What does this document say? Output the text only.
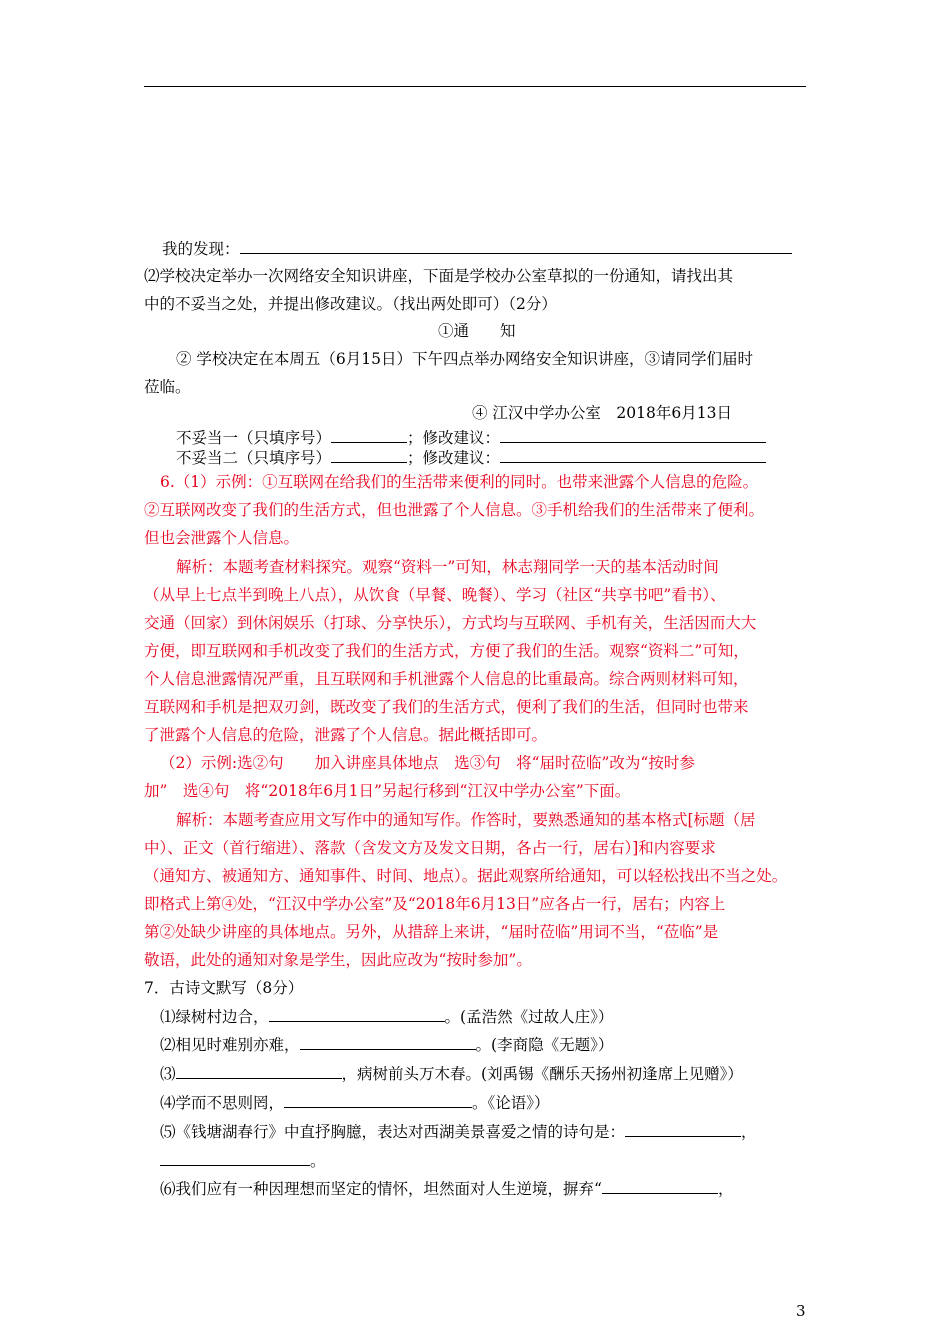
我的发现：
⑵学校决定举办一次网络安全知识讲座，下面是学校办公室草拟的一份通知，请找出其
中的不妥当之处，并提出修改建议。（找出两处即可）（2分）
①通　　知
② 学校决定在本周五（6月15日）下午四点举办网络安全知识讲座，③请同学们届时
莅临。
④ 江汉中学办公室　2018年6月13日
不妥当一（只填序号）	；修改建议：
不妥当二（只填序号）	；修改建议：
6.（1）示例：①互联网在给我们的生活带来便利的同时。也带来泄露个人信息的危险。
②互联网改变了我们的生活方式，但也泄露了个人信息。③手机给我们的生活带来了便利。
但也会泄露个人信息。
解析：本题考查材料探究。观察“资料一”可知，林志翔同学一天的基本活动时间
（从早上七点半到晚上八点），从饮食（早餐、晚餐）、学习（社区“共享书吧”看书）、
交通（回家）到休闲娱乐（打球、分享快乐），方式均与互联网、手机有关，生活因而大大
方便，即互联网和手机改变了我们的生活方式，方便了我们的生活。观察“资料二”可知，
个人信息泄露情况严重，且互联网和手机泄露个人信息的比重最高。综合两则材料可知，
互联网和手机是把双刃剑，既改变了我们的生活方式，便利了我们的生活，但同时也带来
了泄露个人信息的危险，泄露了个人信息。据此概括即可。
（2）示例:选②句　　加入讲座具体地点　选③句　将“届时莅临”改为“按时参
加”　选④句　将“2018年6月1日”另起行移到“江汉中学办公室”下面。
解析：本题考查应用文写作中的通知写作。作答时，要熟悉通知的基本格式[标题（居
中）、正文（首行缩进）、落款（含发文方及发文日期，各占一行，居右）]和内容要求
（通知方、被通知方、通知事件、时间、地点）。据此观察所给通知，可以轻松找出不当之处。
即格式上第④处，“江汉中学办公室”及“2018年6月13日”应各占一行，居右；内容上
第②处缺少讲座的具体地点。另外，从措辞上来讲，“届时莅临”用词不当，“莅临”是
敬语，此处的通知对象是学生，因此应改为“按时参加”。
7．古诗文默写（8分）
⑴绿树村边合，	。(孟浩然《过故人庄》）
⑵相见时难别亦难，	。(李商隐《无题》）
⑶	，病树前头万木春。(刘禹锡《酬乐天扬州初逢席上见赠》）
⑷学而不思则罔，	。《论语》）
⑸《钱塘湖春行》中直抒胸臆，表达对西湖美景喜爱之情的诗句是：	，
。
⑹我们应有一种因理想而坚定的情怀，坦然面对人生逆境，摒弃“	，
3
